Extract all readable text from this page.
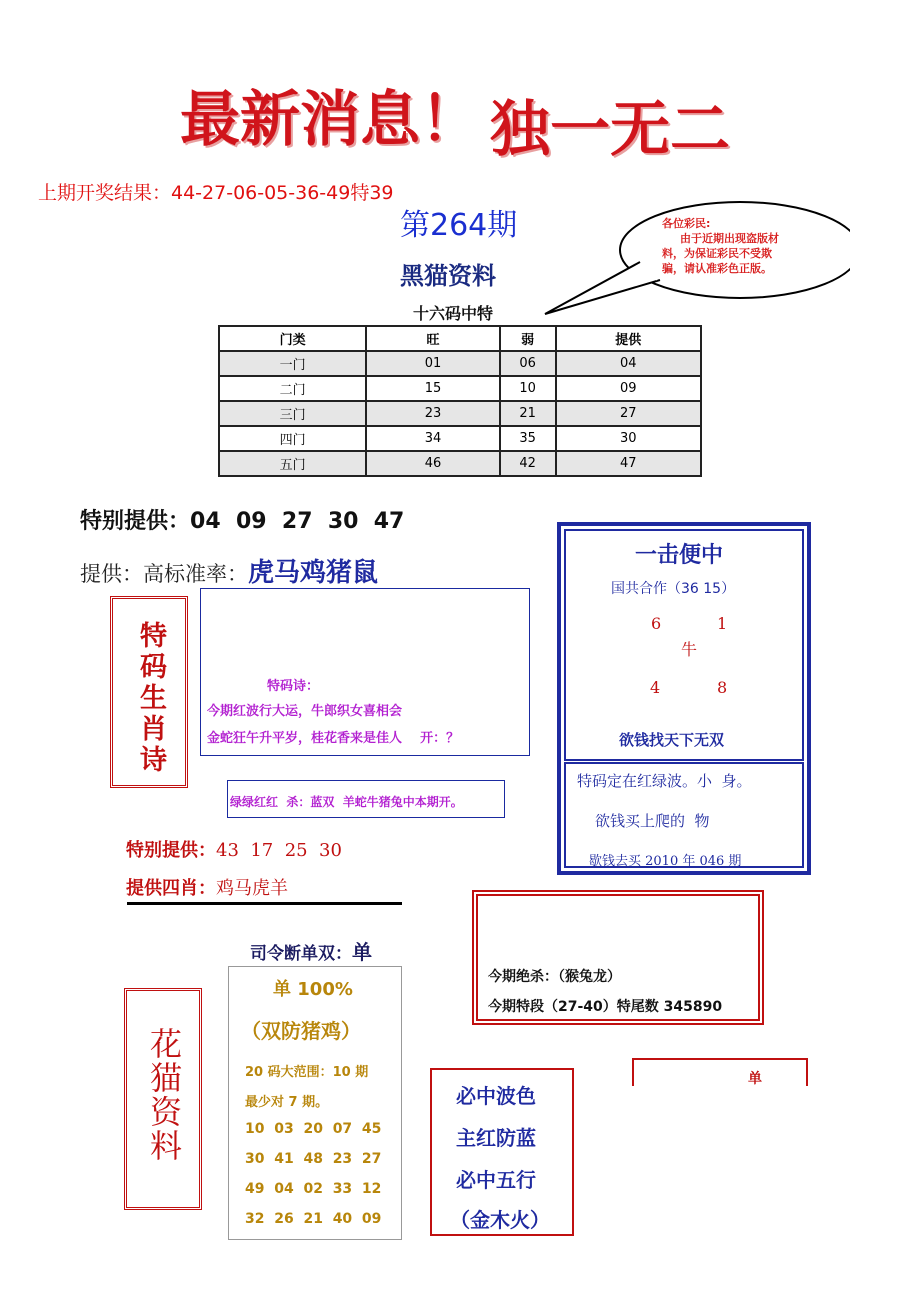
最新消息！ 独一无二
上期开奖结果：44-27-06-05-36-49特39
第264期	各位彩民:
由于近期出现盗版材
料，为保证彩民不受欺
骗，请认准彩色正版。
黑猫资料
十六码中特
门类	旺	弱	提供
一门	01	06	04
二门	15	10	09
三门	23	21	27
四门	34	35	30
五门	46	42	47
特别提供：04  09  27  30  47
提供：高标准率：虎马鸡猪鼠
特码生肖诗	特码诗：
今期红波行大运，牛郎织女喜相会
金蛇狂午升平岁，桂花香来是佳人    开：？
绿绿红红  杀：蓝双  羊蛇牛猪兔中本期开。
特别提供：43  17  25  30
提供四肖：鸡马虎羊
一击便中
国共合作（36 15）
6	1
牛
4	8
欲钱找天下无双
特码定在红绿波。小  身。
欲钱买上爬的  物
歇钱去买 2010 年 046 期
司令断单双：单
今期绝杀：（猴兔龙）
今期特段（27-40）特尾数 345890
花猫资料
单 100%
（双防猪鸡）
20 码大范围：10 期
最少对 7 期。
10  03  20  07  45
30  41  48  23  27
49  04  02  33  12
32  26  21  40  09
必中波色
主红防蓝
必中五行
（金木火）
单
